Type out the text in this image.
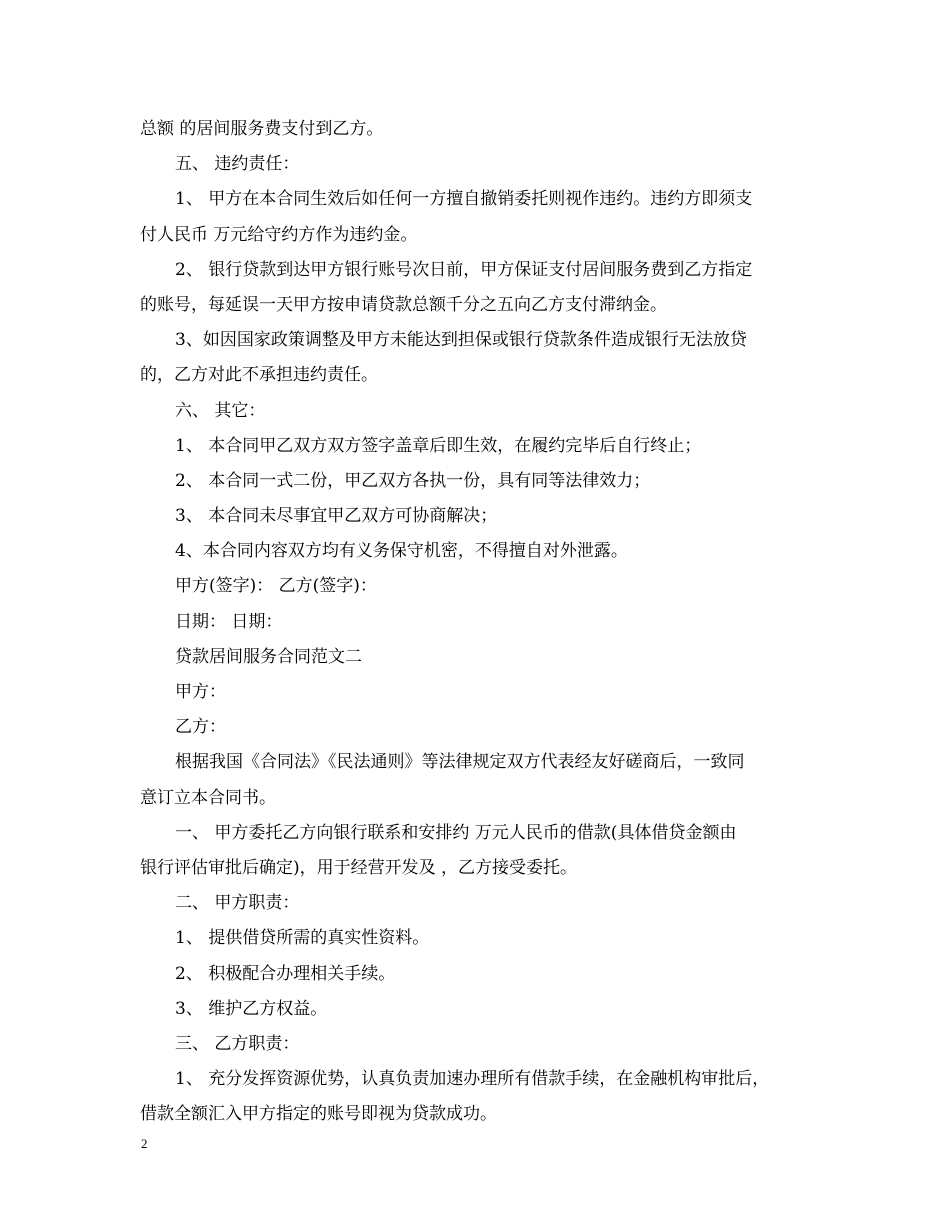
总额 的居间服务费支付到乙方。
五、 违约责任：
1、 甲方在本合同生效后如任何一方擅自撤销委托则视作违约。违约方即须支
付人民币 万元给守约方作为违约金。
2、 银行贷款到达甲方银行账号次日前，甲方保证支付居间服务费到乙方指定
的账号，每延误一天甲方按申请贷款总额千分之五向乙方支付滞纳金。
3、如因国家政策调整及甲方未能达到担保或银行贷款条件造成银行无法放贷
的，乙方对此不承担违约责任。
六、 其它：
1、 本合同甲乙双方双方签字盖章后即生效，在履约完毕后自行终止；
2、 本合同一式二份，甲乙双方各执一份，具有同等法律效力；
3、 本合同未尽事宜甲乙双方可协商解决；
4、本合同内容双方均有义务保守机密，不得擅自对外泄露。
甲方(签字)： 乙方(签字)：
日期： 日期：
贷款居间服务合同范文二
甲方：
乙方：
根据我国《合同法》《民法通则》等法律规定双方代表经友好磋商后，一致同
意订立本合同书。
一、 甲方委托乙方向银行联系和安排约 万元人民币的借款(具体借贷金额由
银行评估审批后确定)，用于经营开发及 ，乙方接受委托。
二、 甲方职责：
1、 提供借贷所需的真实性资料。
2、 积极配合办理相关手续。
3、 维护乙方权益。
三、 乙方职责：
1、 充分发挥资源优势，认真负责加速办理所有借款手续，在金融机构审批后，
借款全额汇入甲方指定的账号即视为贷款成功。
2
